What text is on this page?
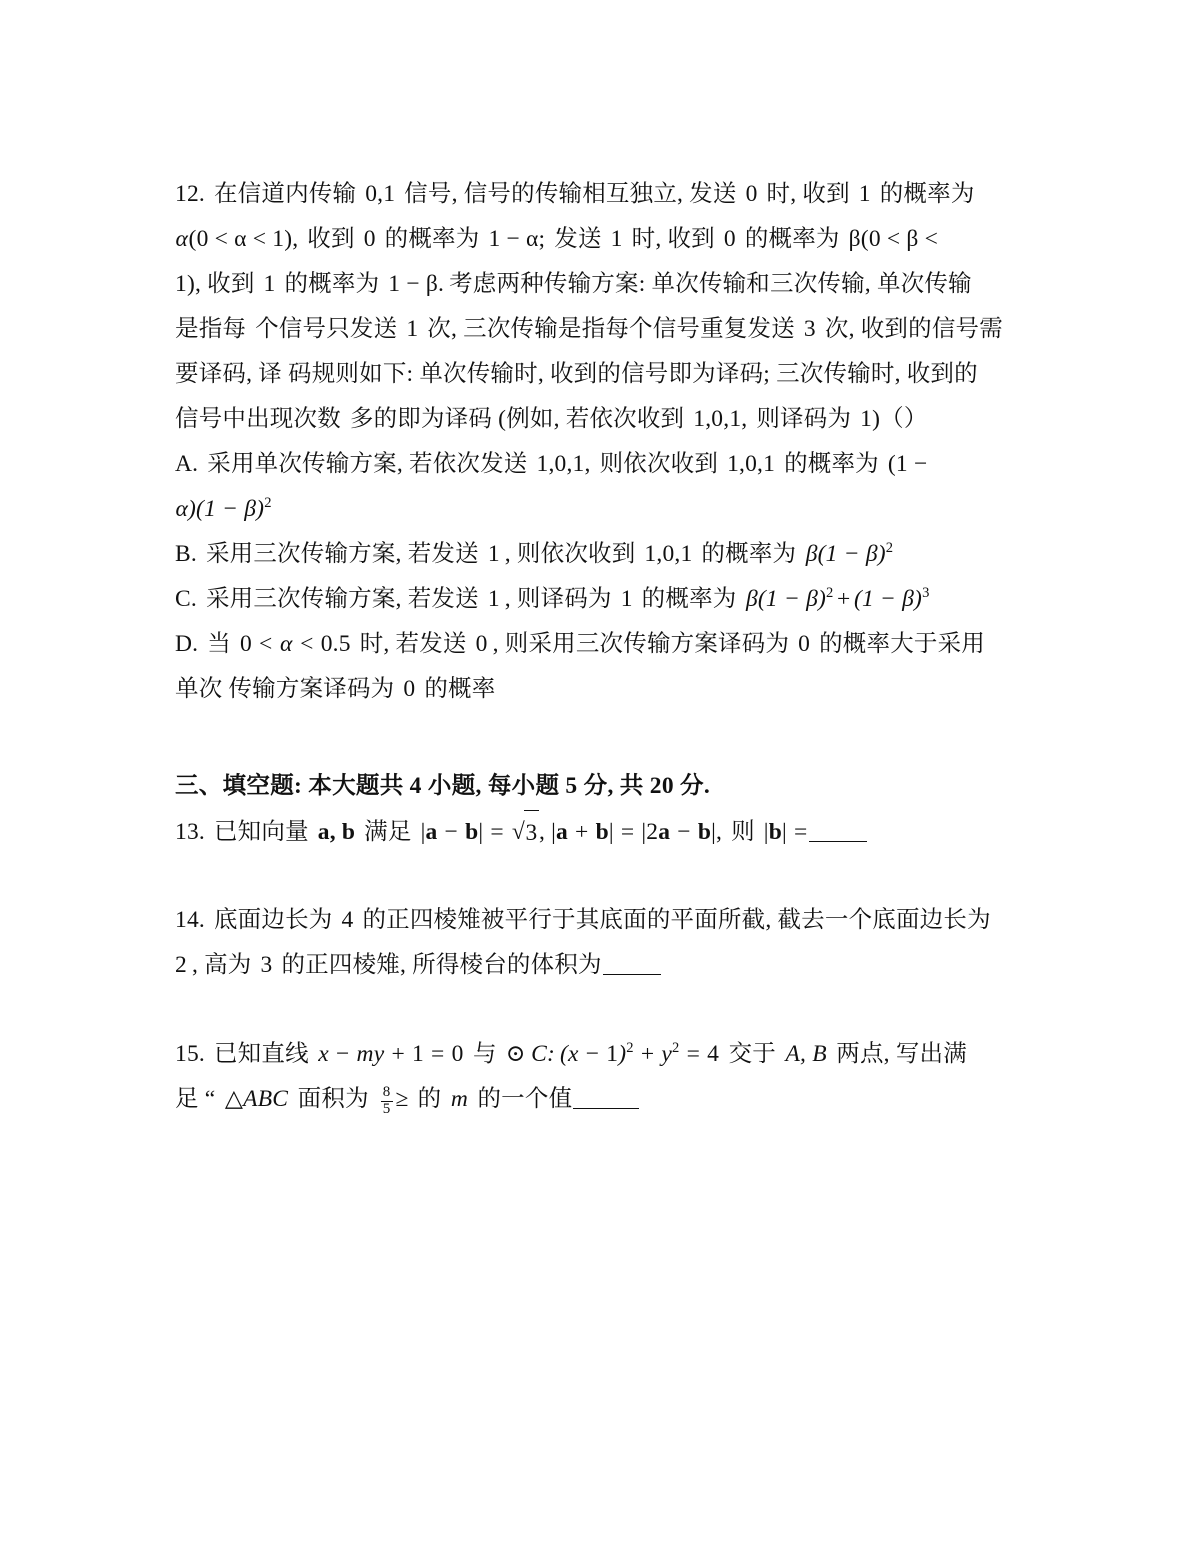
12. 在信道内传输 0,1 信号, 信号的传输相互独立, 发送 0 时, 收到 1 的概率为
α(0 < α < 1), 收到 0 的概率为 1 − α; 发送 1 时, 收到 0 的概率为 β(0 < β <
1), 收到 1 的概率为 1 − β. 考虑两种传输方案: 单次传输和三次传输, 单次传输
是指每 个信号只发送 1 次, 三次传输是指每个信号重复发送 3 次, 收到的信号需
要译码, 译 码规则如下: 单次传输时, 收到的信号即为译码; 三次传输时, 收到的
信号中出现次数 多的即为译码 (例如, 若依次收到 1,0,1, 则译码为 1)（）
A. 采用单次传输方案, 若依次发送 1,0,1, 则依次收到 1,0,1 的概率为 (1 −
$\alpha)(1 - \beta)^2$
B. 采用三次传输方案, 若发送 1 , 则依次收到 1,0,1 的概率为 $\beta(1 - \beta)^2$
C. 采用三次传输方案, 若发送 1 , 则译码为 1 的概率为 $\beta(1 - \beta)^2 + (1 - \beta)^3$
D. 当 0 < α < 0.5 时, 若发送 0 , 则采用三次传输方案译码为 0 的概率大于采用
单次 传输方案译码为 0 的概率
三、填空题: 本大题共 4 小题, 每小题 5 分, 共 20 分.
13. 已知向量 a, b 满足 |a − b| = √3, |a + b| = |2a − b|, 则 |b| =
14. 底面边长为 4 的正四棱雉被平行于其底面的平面所截, 截去一个底面边长为
2 , 高为 3 的正四棱雉, 所得棱台的体积为
15. 已知直线 x − my + 1 = 0 与 ⊙ C: $(x - 1)^2 + y^2 = 4$ 交于 A, B 两点, 写出满
足 “ △ABC 面积为 $\frac{8}{5}$ ≥ 的 m 的一个值
